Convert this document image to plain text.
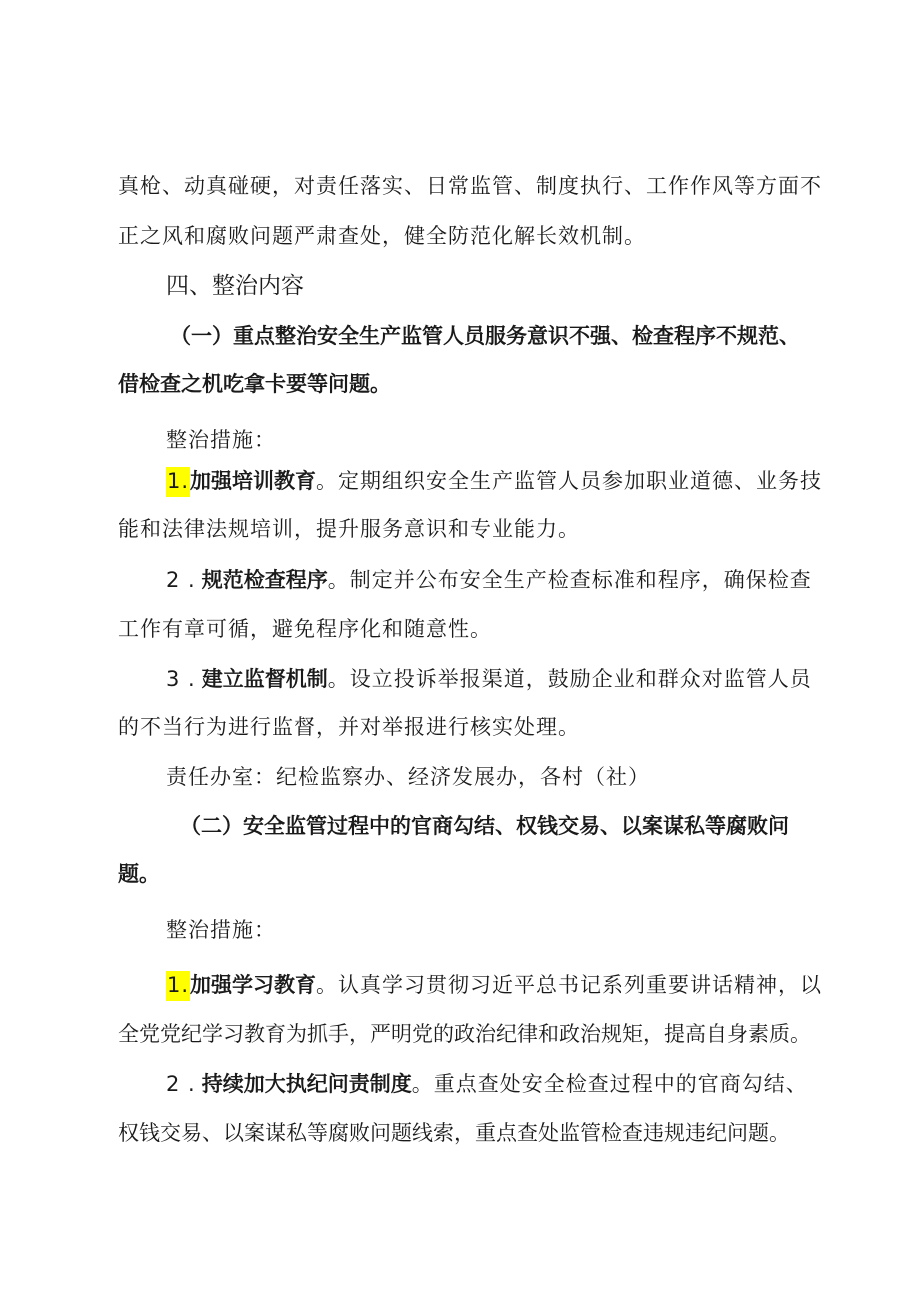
真枪、动真碰硬，对责任落实、日常监管、制度执行、工作作风等方面不
正之风和腐败问题严肃查处，健全防范化解长效机制。
四、整治内容
（一）重点整治安全生产监管人员服务意识不强、检查程序不规范、
借检查之机吃拿卡要等问题。
整治措施：
1.加强培训教育。定期组织安全生产监管人员参加职业道德、业务技
能和法律法规培训，提升服务意识和专业能力。
2 . 规范检查程序。制定并公布安全生产检查标准和程序，确保检查
工作有章可循，避免程序化和随意性。
3 . 建立监督机制。设立投诉举报渠道，鼓励企业和群众对监管人员
的不当行为进行监督，并对举报进行核实处理。
责任办室：纪检监察办、经济发展办，各村（社）
（二）安全监管过程中的官商勾结、权钱交易、以案谋私等腐败问
题。
整治措施：
1.加强学习教育。认真学习贯彻习近平总书记系列重要讲话精神，以
全党党纪学习教育为抓手，严明党的政治纪律和政治规矩，提高自身素质。
2 . 持续加大执纪问责制度。重点查处安全检查过程中的官商勾结、
权钱交易、以案谋私等腐败问题线索，重点查处监管检查违规违纪问题。
